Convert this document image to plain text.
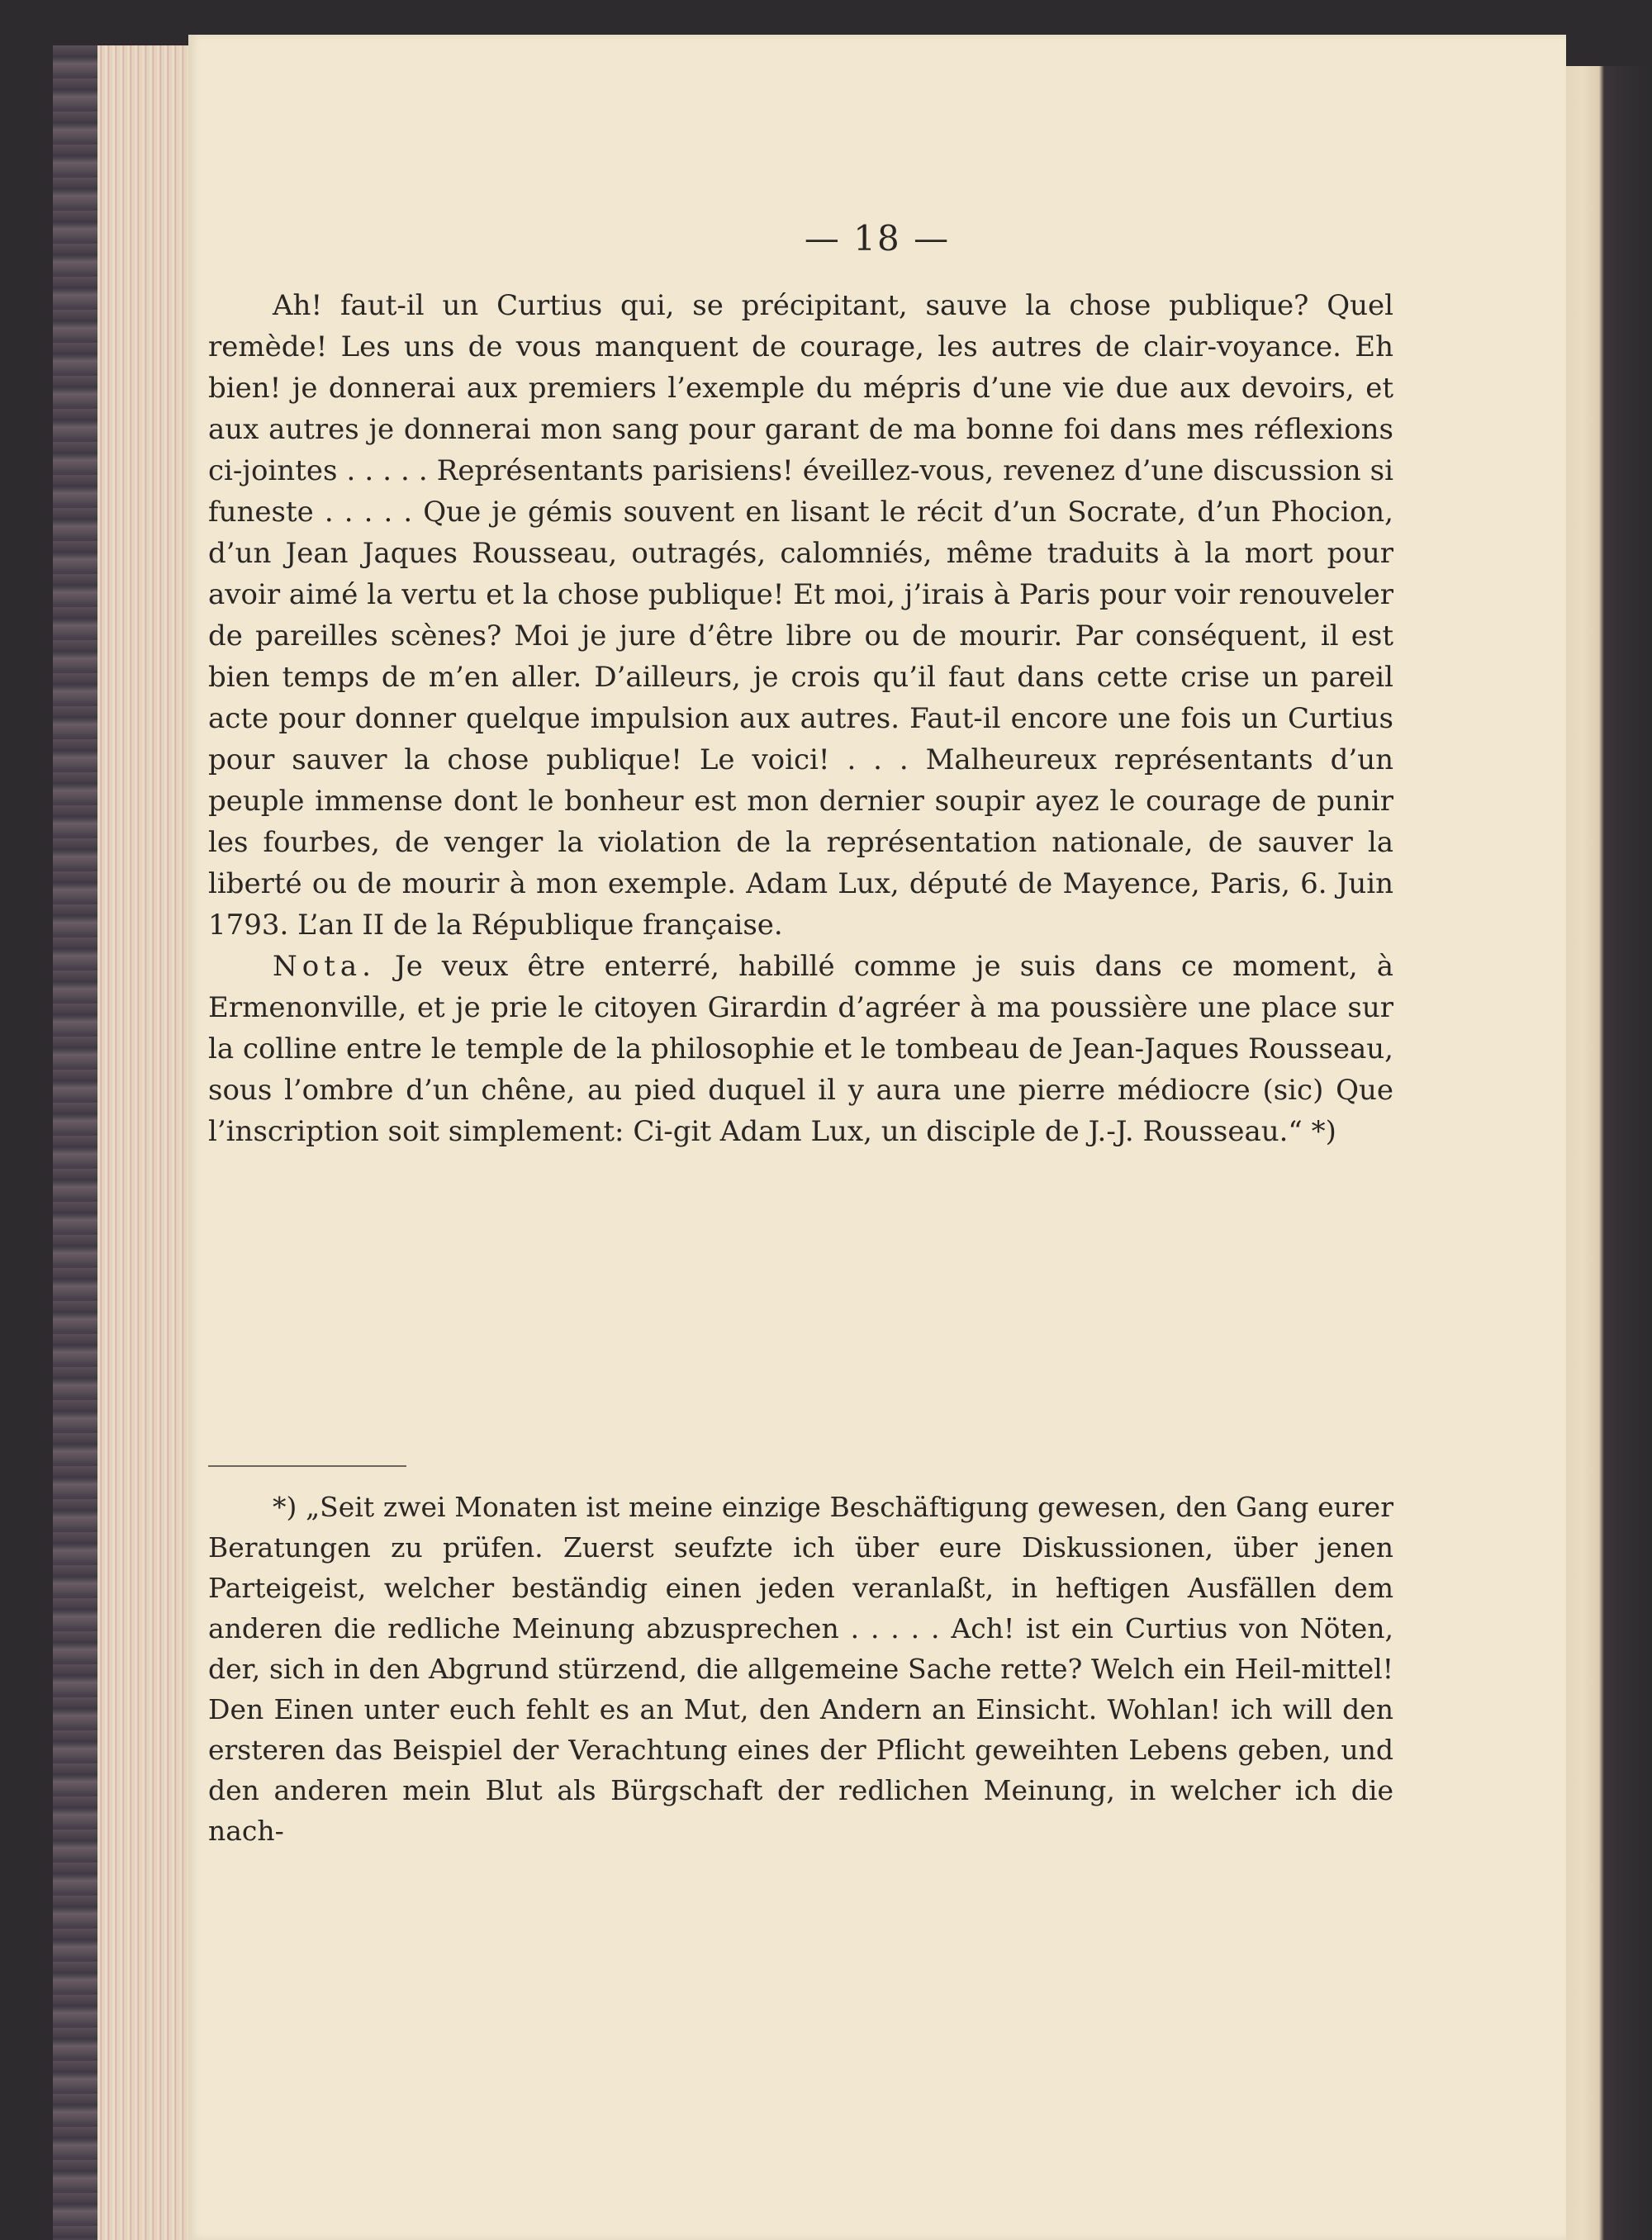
— 18 —

Ah! faut-il un Curtius qui, se précipitant, sauve la chose publique? Quel remède! Les uns de vous manquent de courage, les autres de clair-voyance. Eh bien! je donnerai aux premiers l’exemple du mépris d’une vie due aux devoirs, et aux autres je donnerai mon sang pour garant de ma bonne foi dans mes réflexions ci-jointes . . . . . Représentants parisiens! éveillez-vous, revenez d’une discussion si funeste . . . . . Que je gémis souvent en lisant le récit d’un Socrate, d’un Phocion, d’un Jean Jaques Rousseau, outragés, calomniés, même traduits à la mort pour avoir aimé la vertu et la chose publique! Et moi, j’irais à Paris pour voir renouveler de pareilles scènes? Moi je jure d’être libre ou de mourir. Par conséquent, il est bien temps de m’en aller. D’ailleurs, je crois qu’il faut dans cette crise un pareil acte pour donner quelque impulsion aux autres. Faut-il encore une fois un Curtius pour sauver la chose publique! Le voici! . . . Malheureux représentants d’un peuple immense dont le bonheur est mon dernier soupir ayez le courage de punir les fourbes, de venger la violation de la représentation nationale, de sauver la liberté ou de mourir à mon exemple. Adam Lux, député de Mayence, Paris, 6. Juin 1793. L’an II de la République française.

Nota. Je veux être enterré, habillé comme je suis dans ce moment, à Ermenonville, et je prie le citoyen Girardin d’agréer à ma poussière une place sur la colline entre le temple de la philosophie et le tombeau de Jean-Jaques Rousseau, sous l’ombre d’un chêne, au pied duquel il y aura une pierre médiocre (sic) Que l’inscription soit simplement: Ci-git Adam Lux, un disciple de J.-J. Rousseau.“ *)

*) „Seit zwei Monaten ist meine einzige Beschäftigung gewesen, den Gang eurer Beratungen zu prüfen. Zuerst seufzte ich über eure Diskussionen, über jenen Parteigeist, welcher beständig einen jeden veranlaßt, in heftigen Ausfällen dem anderen die redliche Meinung abzusprechen . . . . . Ach! ist ein Curtius von Nöten, der, sich in den Abgrund stürzend, die allgemeine Sache rette? Welch ein Heil-mittel! Den Einen unter euch fehlt es an Mut, den Andern an Einsicht. Wohlan! ich will den ersteren das Beispiel der Verachtung eines der Pflicht geweihten Lebens geben, und den anderen mein Blut als Bürgschaft der redlichen Meinung, in welcher ich die nach-
